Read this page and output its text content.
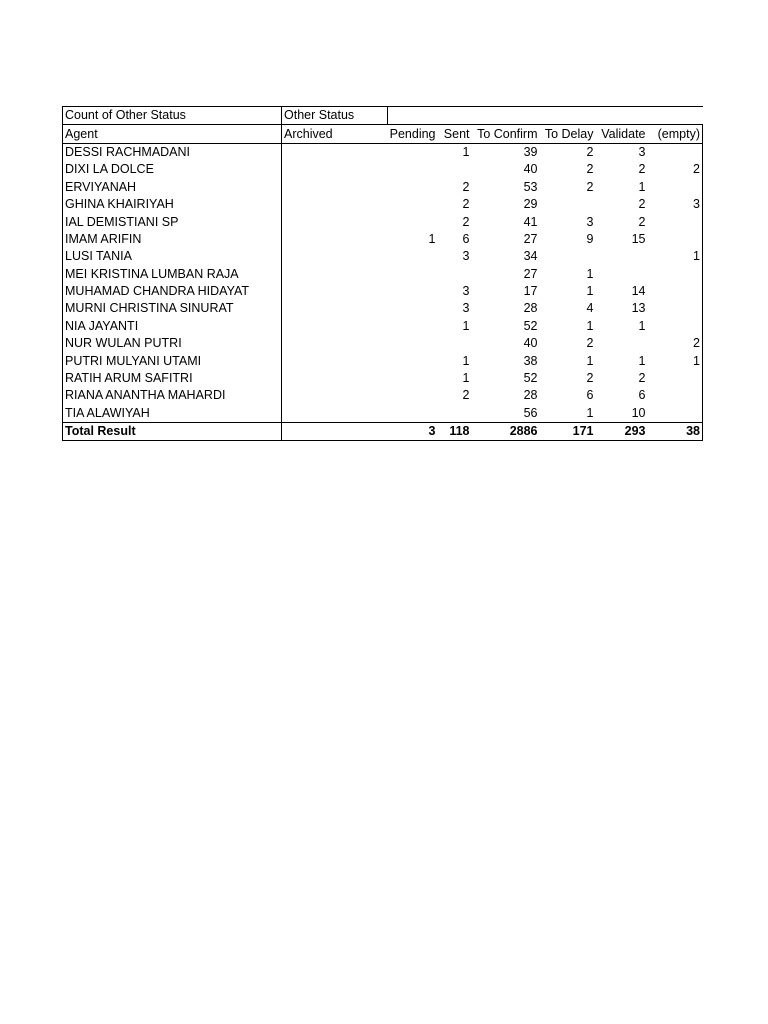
Count of Other Status	Other Status						
Agent	Archived	Pending	Sent	To Confirm	To Delay	Validate	(empty)
DESSI RACHMADANI			1	39	2	3	
DIXI LA DOLCE				40	2	2	2
ERVIYANAH			2	53	2	1	
GHINA KHAIRIYAH			2	29		2	3
IAL DEMISTIANI SP			2	41	3	2	
IMAM ARIFIN		1	6	27	9	15	
LUSI TANIA			3	34			1
MEI KRISTINA LUMBAN RAJA				27	1		
MUHAMAD CHANDRA HIDAYAT			3	17	1	14	
MURNI CHRISTINA SINURAT			3	28	4	13	
NIA JAYANTI			1	52	1	1	
NUR WULAN PUTRI				40	2		2
PUTRI MULYANI UTAMI			1	38	1	1	1
RATIH ARUM SAFITRI			1	52	2	2	
RIANA ANANTHA MAHARDI			2	28	6	6	
TIA ALAWIYAH				56	1	10	
Total Result		3	118	2886	171	293	38
